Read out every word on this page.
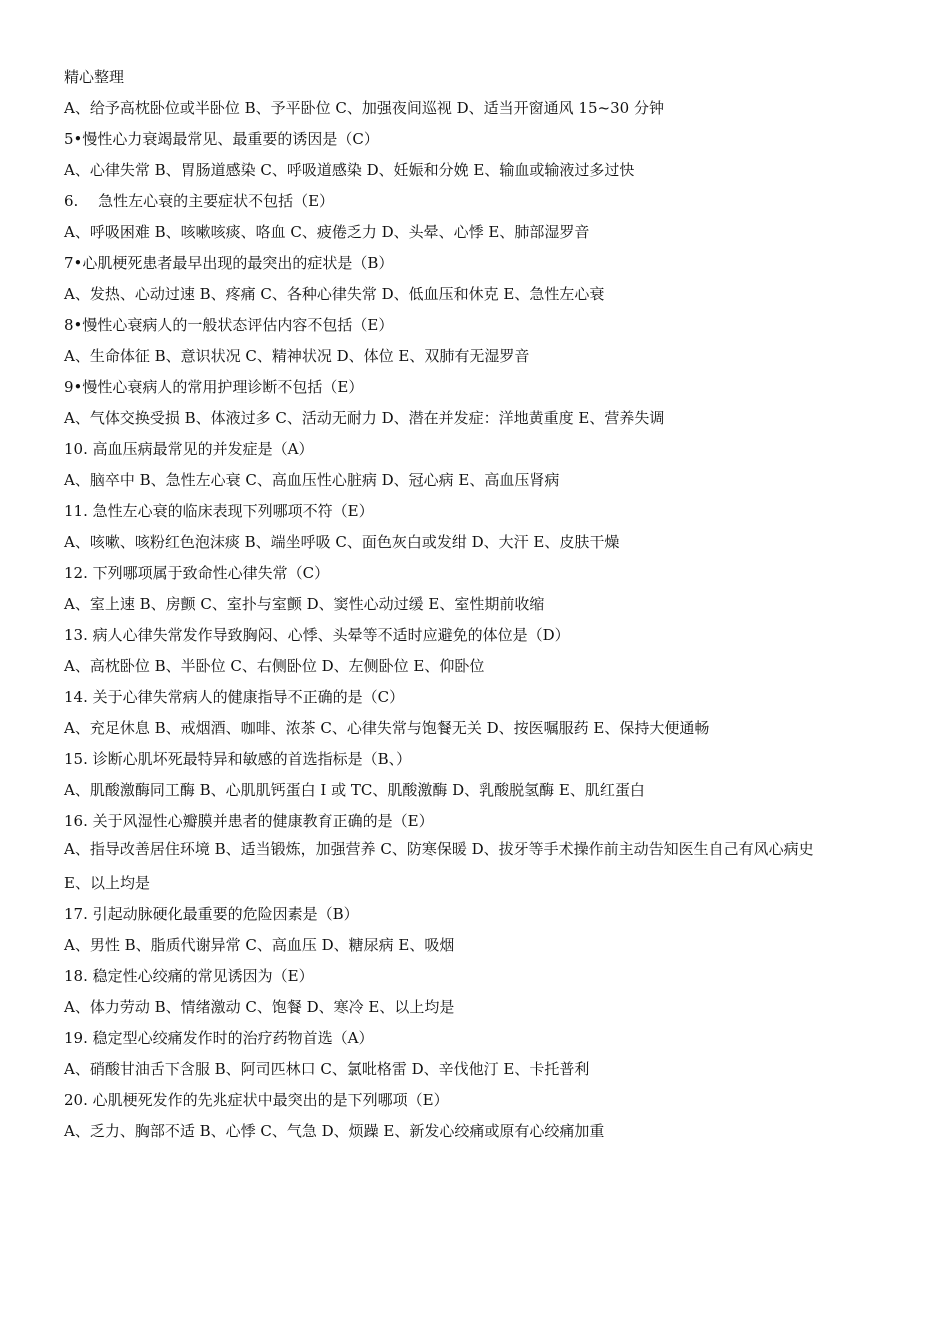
精心整理
A、给予高枕卧位或半卧位 B、予平卧位 C、加强夜间巡视 D、适当开窗通风 15~30 分钟
5•慢性心力衰竭最常见、最重要的诱因是（C）
A、心律失常 B、胃肠道感染 C、呼吸道感染 D、妊娠和分娩 E、输血或输液过多过快
6.　 急性左心衰的主要症状不包括（E）
A、呼吸困难 B、咳嗽咳痰、咯血 C、疲倦乏力 D、头晕、心悸 E、肺部湿罗音
7•心肌梗死患者最早出现的最突出的症状是（B）
A、发热、心动过速 B、疼痛 C、各种心律失常 D、低血压和休克 E、急性左心衰
8•慢性心衰病人的一般状态评估内容不包括（E）
A、生命体征 B、意识状况 C、精神状况 D、体位 E、双肺有无湿罗音
9•慢性心衰病人的常用护理诊断不包括（E）
A、气体交换受损 B、体液过多 C、活动无耐力 D、潜在并发症：洋地黄重度 E、营养失调
10. 高血压病最常见的并发症是（A）
A、脑卒中 B、急性左心衰 C、高血压性心脏病 D、冠心病 E、高血压肾病
11. 急性左心衰的临床表现下列哪项不符（E）
A、咳嗽、咳粉红色泡沫痰 B、端坐呼吸 C、面色灰白或发绀 D、大汗 E、皮肤干燥
12. 下列哪项属于致命性心律失常（C）
A、室上速 B、房颤 C、室扑与室颤 D、窦性心动过缓 E、室性期前收缩
13. 病人心律失常发作导致胸闷、心悸、头晕等不适时应避免的体位是（D）
A、高枕卧位 B、半卧位 C、右侧卧位 D、左侧卧位 E、仰卧位
14. 关于心律失常病人的健康指导不正确的是（C）
A、充足休息 B、戒烟酒、咖啡、浓茶 C、心律失常与饱餐无关 D、按医嘱服药 E、保持大便通畅
15. 诊断心肌坏死最特异和敏感的首选指标是（B、）
A、肌酸激酶同工酶 B、心肌肌钙蛋白 I 或 TC、肌酸激酶 D、乳酸脱氢酶 E、肌红蛋白
16. 关于风湿性心瓣膜并患者的健康教育正确的是（E）
A、指导改善居住环境 B、适当锻炼，加强营养 C、防寒保暖 D、拔牙等手术操作前主动告知医生自己有风心病史
E、以上均是
17. 引起动脉硬化最重要的危险因素是（B）
A、男性 B、脂质代谢异常 C、高血压 D、糖尿病 E、吸烟
18. 稳定性心绞痛的常见诱因为（E）
A、体力劳动 B、情绪激动 C、饱餐 D、寒冷 E、以上均是
19. 稳定型心绞痛发作时的治疗药物首选（A）
A、硝酸甘油舌下含服 B、阿司匹林口 C、氯吡格雷 D、辛伐他汀 E、卡托普利
20. 心肌梗死发作的先兆症状中最突出的是下列哪项（E）
A、乏力、胸部不适 B、心悸 C、气急 D、烦躁 E、新发心绞痛或原有心绞痛加重
